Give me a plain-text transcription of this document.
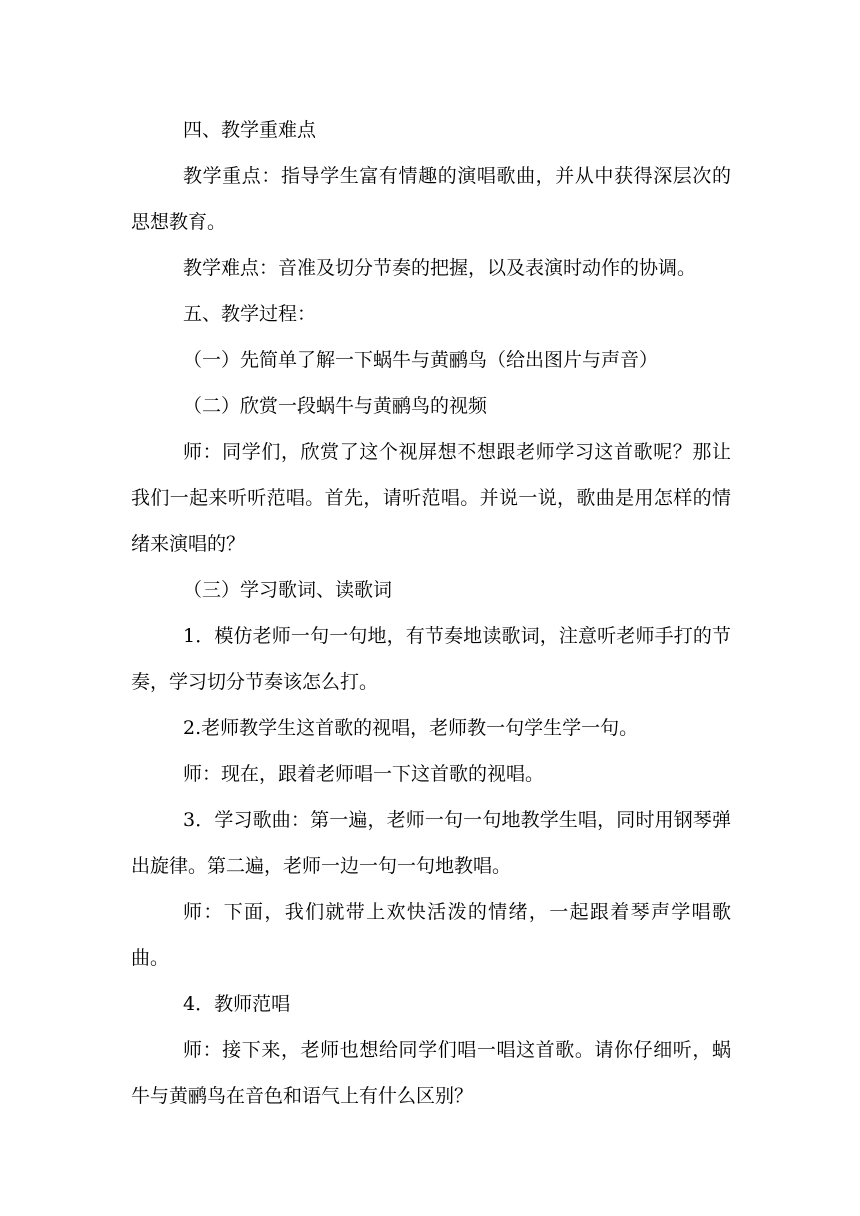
四、教学重难点

教学重点：指导学生富有情趣的演唱歌曲，并从中获得深层次的思想教育。

教学难点：音准及切分节奏的把握，以及表演时动作的协调。

五、教学过程：

（一）先简单了解一下蜗牛与黄鹂鸟（给出图片与声音）

（二）欣赏一段蜗牛与黄鹂鸟的视频

师：同学们，欣赏了这个视屏想不想跟老师学习这首歌呢？那让我们一起来听听范唱。首先，请听范唱。并说一说，歌曲是用怎样的情绪来演唱的？

（三）学习歌词、读歌词

1．模仿老师一句一句地，有节奏地读歌词，注意听老师手打的节奏，学习切分节奏该怎么打。

2.老师教学生这首歌的视唱，老师教一句学生学一句。

师：现在，跟着老师唱一下这首歌的视唱。

3．学习歌曲：第一遍，老师一句一句地教学生唱，同时用钢琴弹出旋律。第二遍，老师一边一句一句地教唱。

师：下面，我们就带上欢快活泼的情绪，一起跟着琴声学唱歌曲。

4．教师范唱

师：接下来，老师也想给同学们唱一唱这首歌。请你仔细听，蜗牛与黄鹂鸟在音色和语气上有什么区别？
